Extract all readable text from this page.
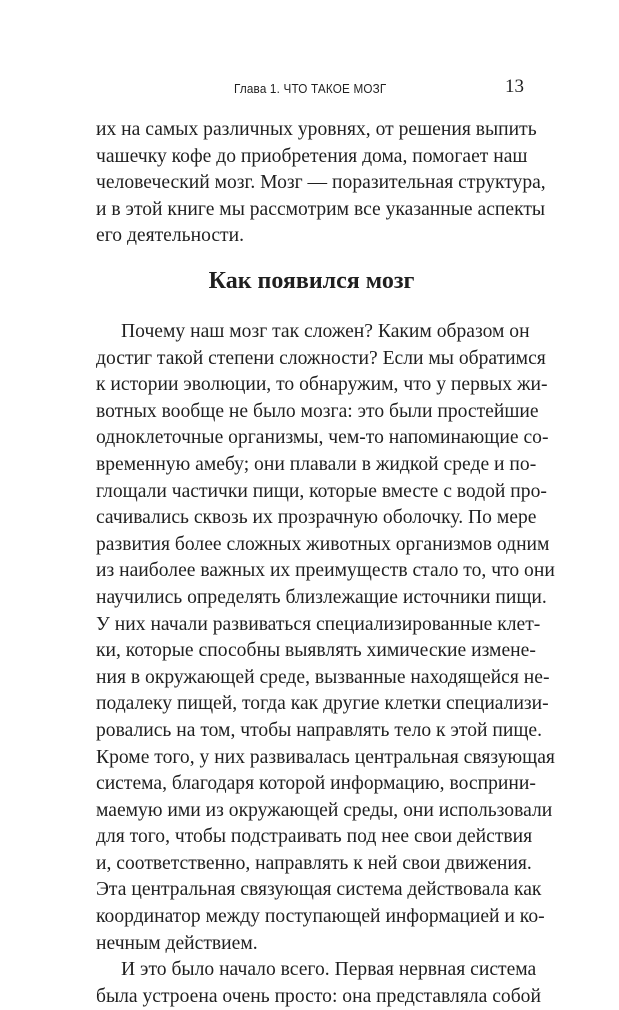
Глава 1. ЧТО ТАКОЕ МОЗГ	13
их на самых различных уровнях, от решения выпить
чашечку кофе до приобретения дома, помогает наш
человеческий мозг. Мозг — поразительная структура,
и в этой книге мы рассмотрим все указанные аспекты
его деятельности.
Как появился мозг
Почему наш мозг так сложен? Каким образом он
достиг такой степени сложности? Если мы обратимся
к истории эволюции, то обнаружим, что у первых жи-
вотных вообще не было мозга: это были простейшие
одноклеточные организмы, чем-то напоминающие со-
временную амебу; они плавали в жидкой среде и по-
глощали частички пищи, которые вместе с водой про-
сачивались сквозь их прозрачную оболочку. По мере
развития более сложных животных организмов одним
из наиболее важных их преимуществ стало то, что они
научились определять близлежащие источники пищи.
У них начали развиваться специализированные клет-
ки, которые способны выявлять химические измене-
ния в окружающей среде, вызванные находящейся не-
подалеку пищей, тогда как другие клетки специализи-
ровались на том, чтобы направлять тело к этой пище.
Кроме того, у них развивалась центральная связующая
система, благодаря которой информацию, восприни-
маемую ими из окружающей среды, они использовали
для того, чтобы подстраивать под нее свои действия
и, соответственно, направлять к ней свои движения.
Эта центральная связующая система действовала как
координатор между поступающей информацией и ко-
нечным действием.
И это было начало всего. Первая нервная система
была устроена очень просто: она представляла собой
